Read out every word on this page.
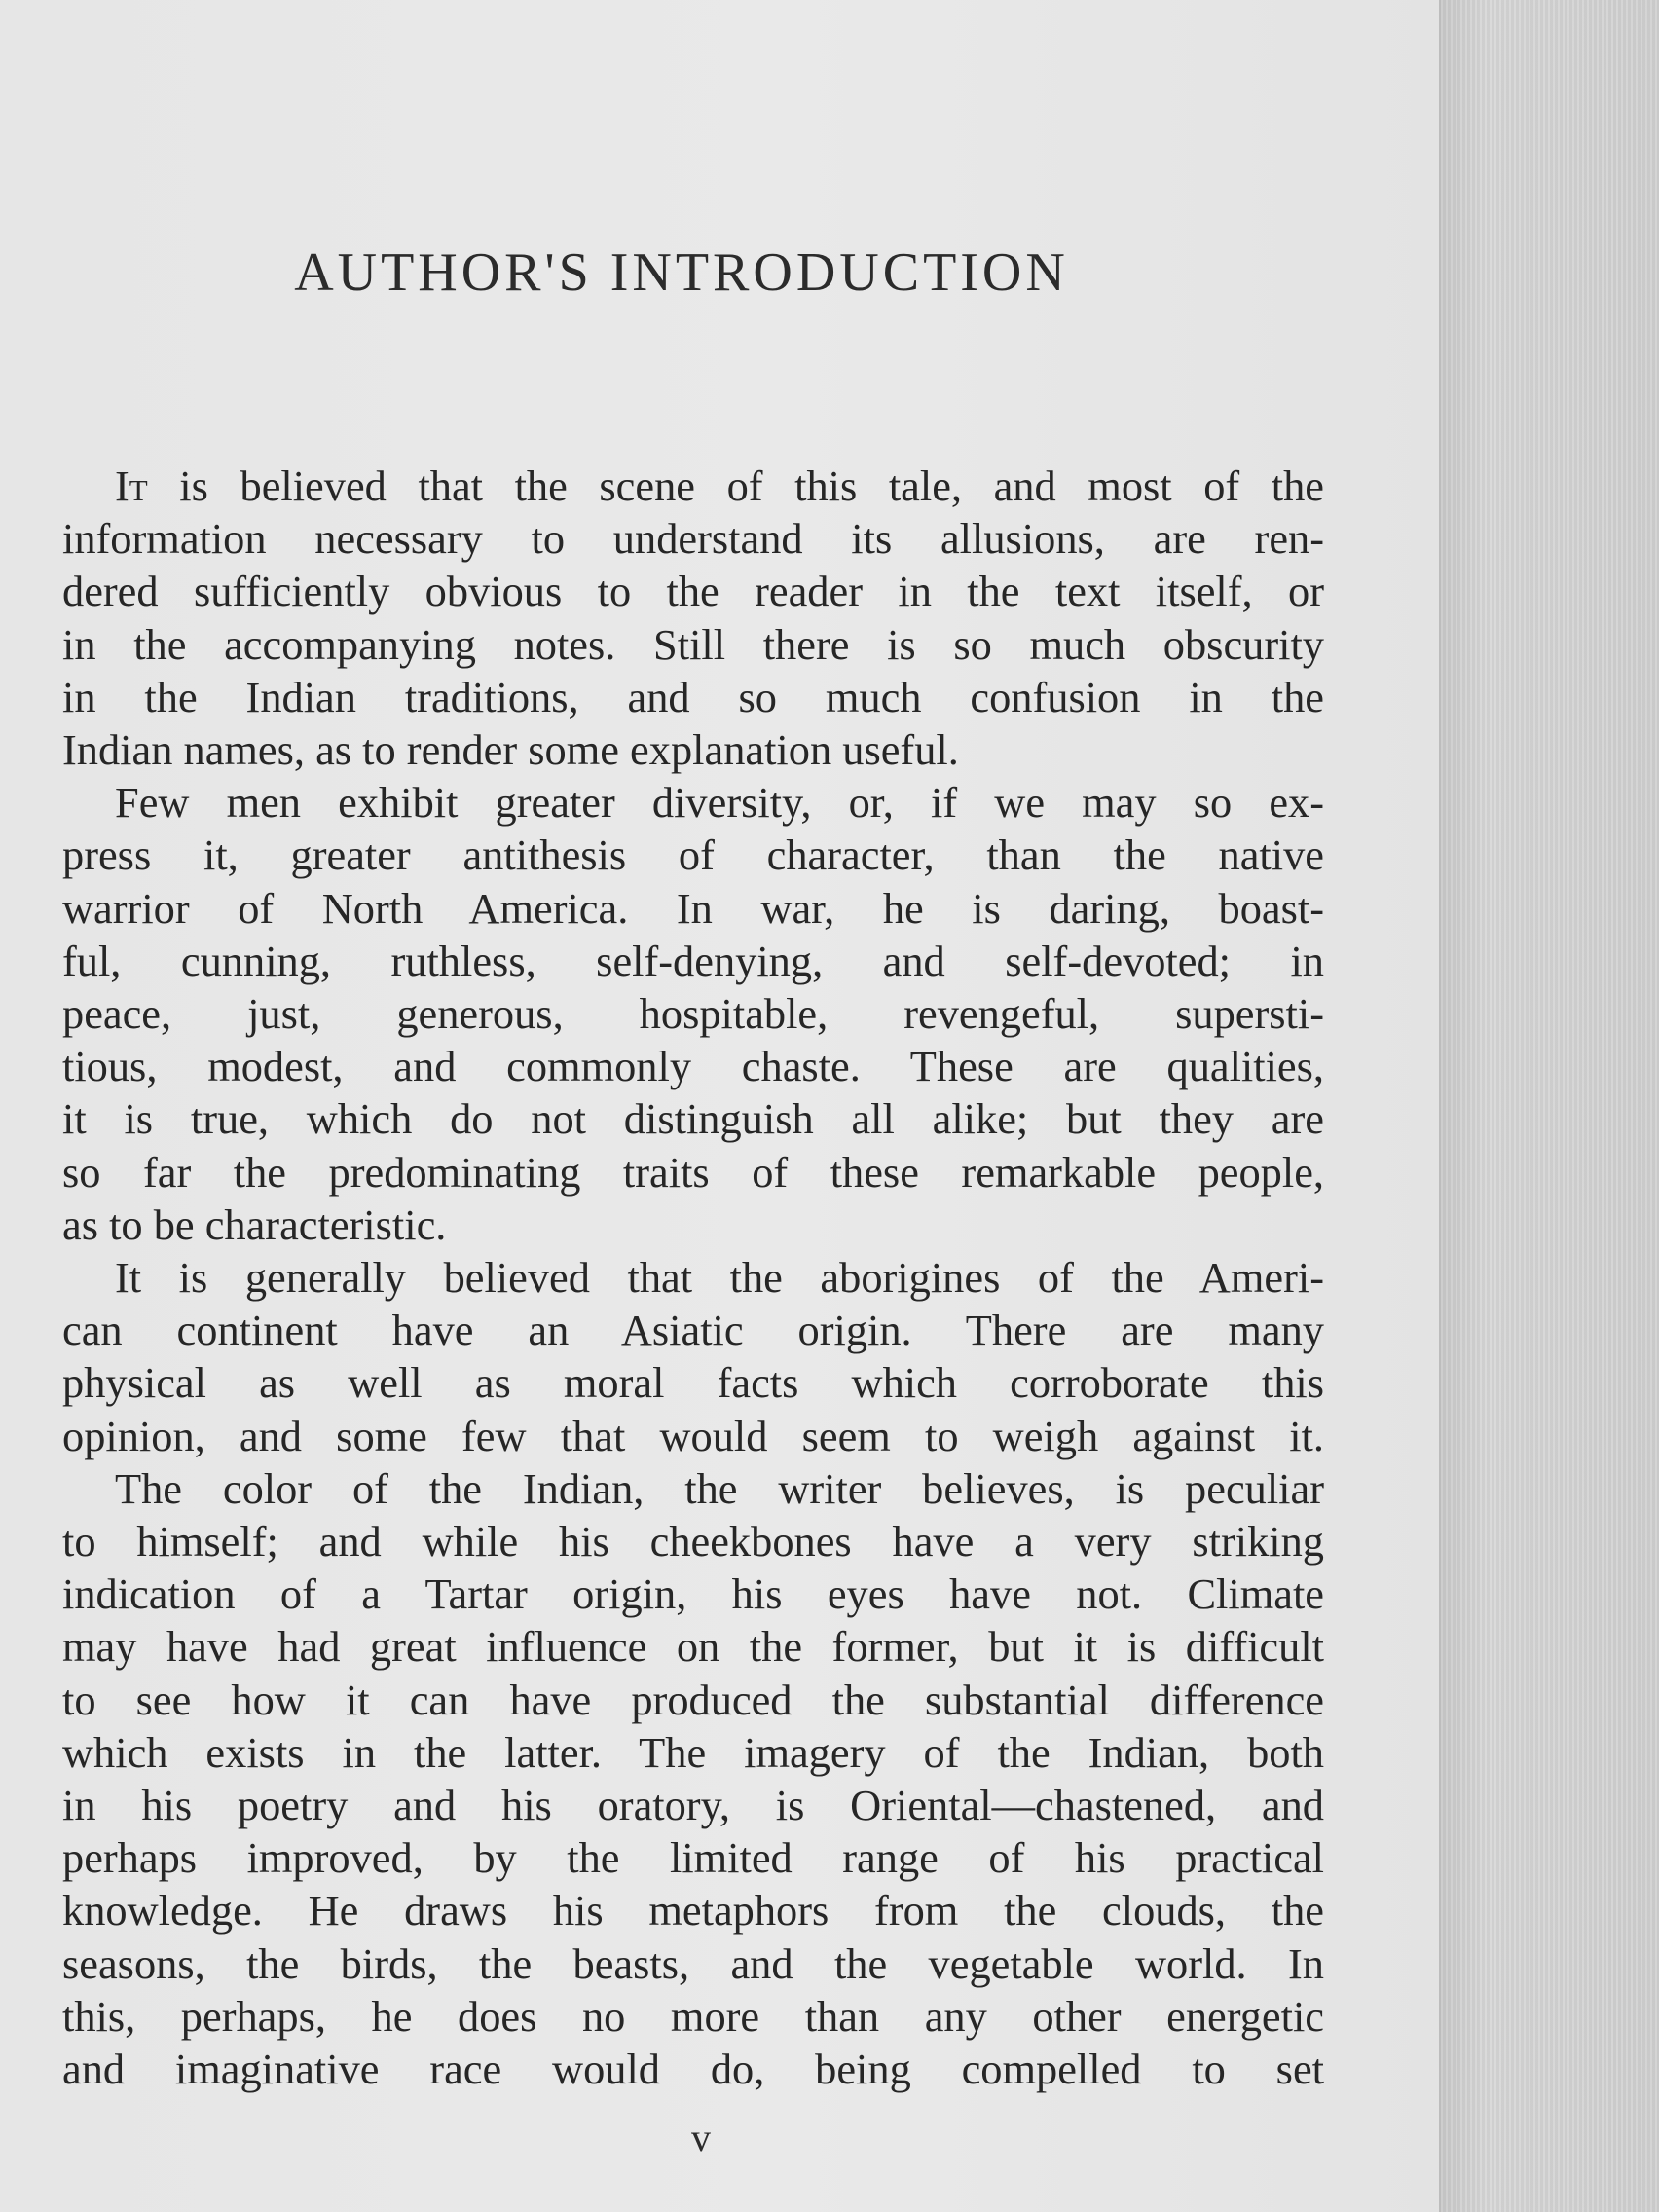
AUTHOR'S INTRODUCTION
It is believed that the scene of this tale, and most of the
information necessary to understand its allusions, are ren-
dered sufficiently obvious to the reader in the text itself, or
in the accompanying notes. Still there is so much obscurity
in the Indian traditions, and so much confusion in the
Indian names, as to render some explanation useful.
Few men exhibit greater diversity, or, if we may so ex-
press it, greater antithesis of character, than the native
warrior of North America. In war, he is daring, boast-
ful, cunning, ruthless, self-denying, and self-devoted; in
peace, just, generous, hospitable, revengeful, supersti-
tious, modest, and commonly chaste. These are qualities,
it is true, which do not distinguish all alike; but they are
so far the predominating traits of these remarkable people,
as to be characteristic.
It is generally believed that the aborigines of the Ameri-
can continent have an Asiatic origin. There are many
physical as well as moral facts which corroborate this
opinion, and some few that would seem to weigh against it.
The color of the Indian, the writer believes, is peculiar
to himself; and while his cheekbones have a very striking
indication of a Tartar origin, his eyes have not. Climate
may have had great influence on the former, but it is difficult
to see how it can have produced the substantial difference
which exists in the latter. The imagery of the Indian, both
in his poetry and his oratory, is Oriental—chastened, and
perhaps improved, by the limited range of his practical
knowledge. He draws his metaphors from the clouds, the
seasons, the birds, the beasts, and the vegetable world. In
this, perhaps, he does no more than any other energetic
and imaginative race would do, being compelled to set
v
